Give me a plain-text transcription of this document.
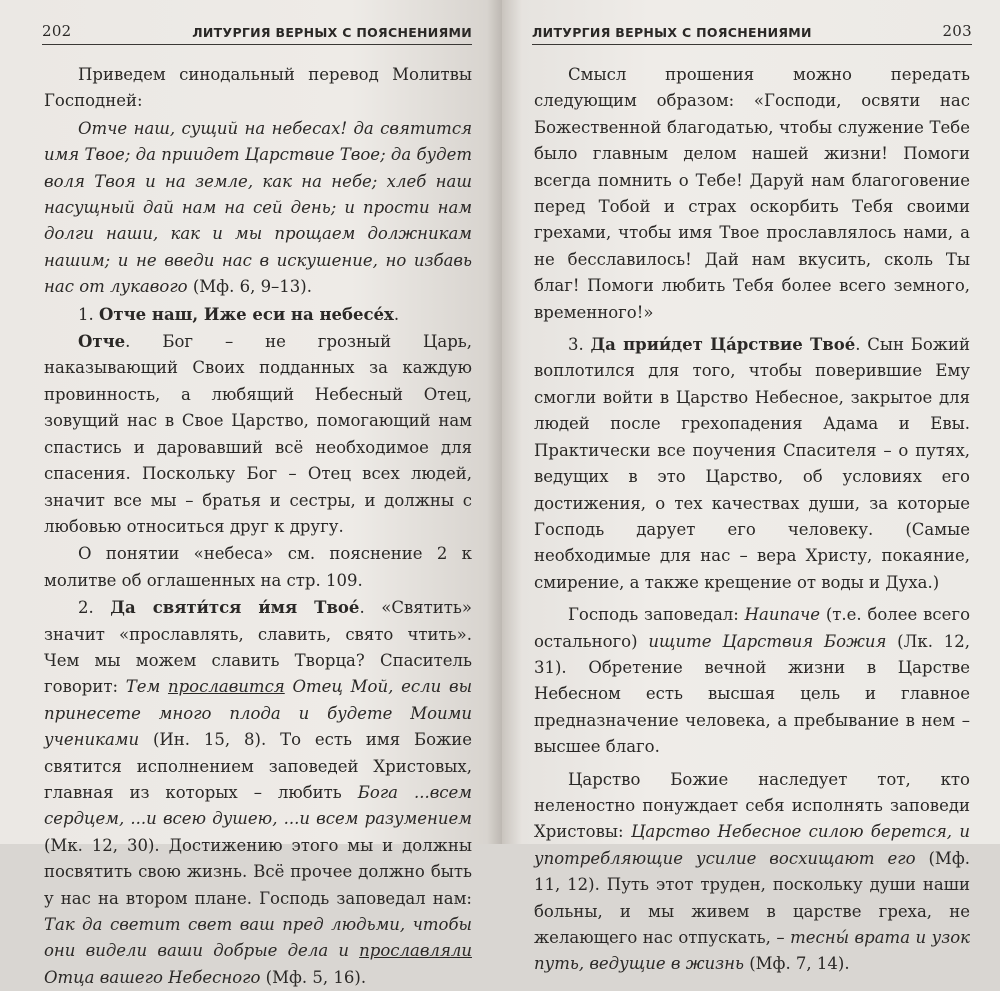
202	ЛИТУРГИЯ ВЕРНЫХ С ПОЯСНЕНИЯМИ

Приведем синодальный перевод Молитвы Господней:

Отче наш, сущий на небесах! да святится имя Твое; да приидет Царствие Твое; да будет воля Твоя и на земле, как на небе; хлеб наш насущный дай нам на сей день; и прости нам долги наши, как и мы прощаем должникам нашим; и не введи нас в искушение, но избавь нас от лукавого (Мф. 6, 9–13).

1. Отче наш, Иже еси на небесе́х.

Отче. Бог – не грозный Царь, наказывающий Своих подданных за каждую провинность, а любящий Небесный Отец, зовущий нас в Свое Царство, помогающий нам спастись и даровавший всё необходимое для спасения. Поскольку Бог – Отец всех людей, значит все мы – братья и сестры, и должны с любовью относиться друг к другу.

О понятии «небеса» см. пояснение 2 к молитве об оглашенных на стр. 109.

2. Да святи́тся и́мя Твое́. «Святить» значит «прославлять, славить, свято чтить». Чем мы можем славить Творца? Спаситель говорит: Тем прославится Отец Мой, если вы принесете много плода и будете Моими учениками (Ин. 15, 8). То есть имя Божие святится исполнением заповедей Христовых, главная из которых – любить Бога ...всем сердцем, ...и всею душею, ...и всем разумением (Мк. 12, 30). Достижению этого мы и должны посвятить свою жизнь. Всё прочее должно быть у нас на втором плане. Господь заповедал нам: Так да светит свет ваш пред людьми, чтобы они видели ваши добрые дела и прославляли Отца вашего Небесного (Мф. 5, 16).

ЛИТУРГИЯ ВЕРНЫХ С ПОЯСНЕНИЯМИ	203

Смысл прошения можно передать следующим образом: «Господи, освяти нас Божественной благодатью, чтобы служение Тебе было главным делом нашей жизни! Помоги всегда помнить о Тебе! Даруй нам благоговение перед Тобой и страх оскорбить Тебя своими грехами, чтобы имя Твое прославлялось нами, а не бесславилось! Дай нам вкусить, сколь Ты благ! Помоги любить Тебя более всего земного, временного!»

3. Да прии́дет Ца́рствие Твое́. Сын Божий воплотился для того, чтобы поверившие Ему смогли войти в Царство Небесное, закрытое для людей после грехопадения Адама и Евы. Практически все поучения Спасителя – о путях, ведущих в это Царство, об условиях его достижения, о тех качествах души, за которые Господь дарует его человеку. (Самые необходимые для нас – вера Христу, покаяние, смирение, а также крещение от воды и Духа.)

Господь заповедал: Наипаче (т.е. более всего остального) ищите Царствия Божия (Лк. 12, 31). Обретение вечной жизни в Царстве Небесном есть высшая цель и главное предназначение человека, а пребывание в нем – высшее благо.

Царство Божие наследует тот, кто неленостно понуждает себя исполнять заповеди Христовы: Царство Небесное силою берется, и употребляющие усилие восхищают его (Мф. 11, 12). Путь этот труден, поскольку души наши больны, и мы живем в царстве греха, не желающего нас отпускать, – тесны́ врата и узок путь, ведущие в жизнь (Мф. 7, 14).
